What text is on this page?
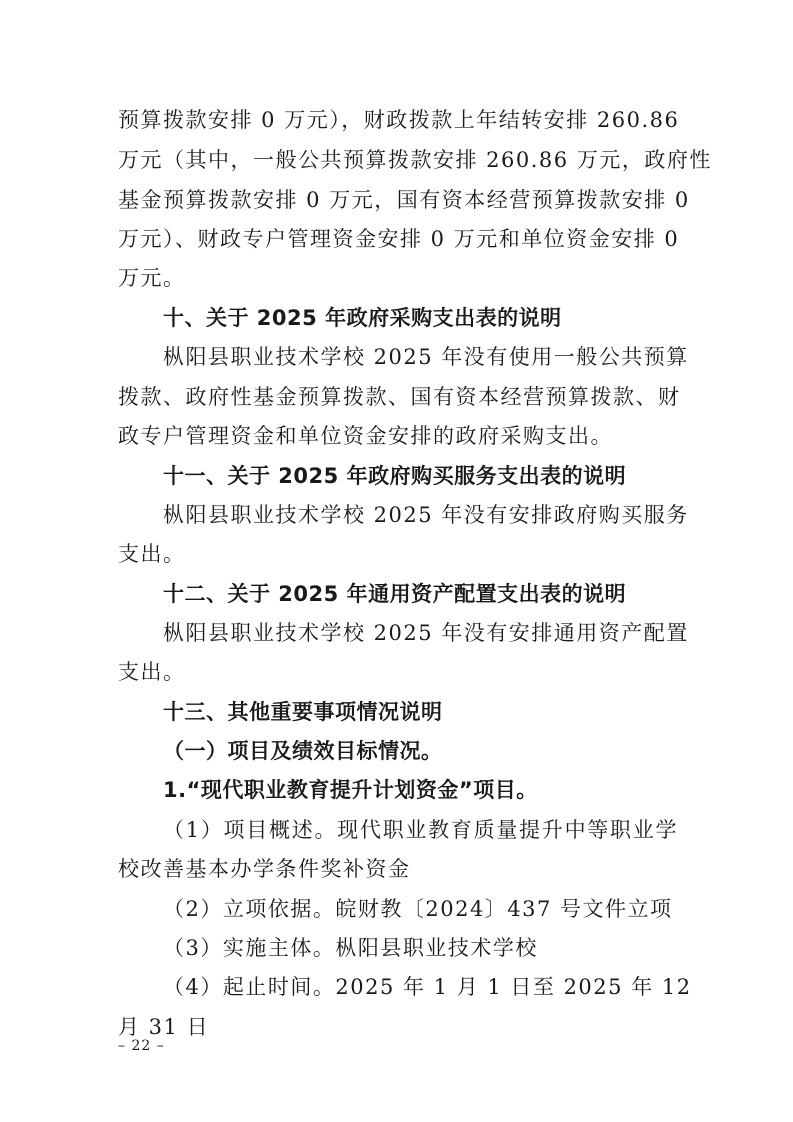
预算拨款安排 0 万元），财政拨款上年结转安排 260.86
万元（其中，一般公共预算拨款安排 260.86 万元，政府性
基金预算拨款安排 0 万元，国有资本经营预算拨款安排 0
万元）、财政专户管理资金安排 0 万元和单位资金安排 0
万元。
十、关于 2025 年政府采购支出表的说明
枞阳县职业技术学校 2025 年没有使用一般公共预算
拨款、政府性基金预算拨款、国有资本经营预算拨款、财
政专户管理资金和单位资金安排的政府采购支出。
十一、关于 2025 年政府购买服务支出表的说明
枞阳县职业技术学校 2025 年没有安排政府购买服务
支出。
十二、关于 2025 年通用资产配置支出表的说明
枞阳县职业技术学校 2025 年没有安排通用资产配置
支出。
十三、其他重要事项情况说明
（一）项目及绩效目标情况。
1.“现代职业教育提升计划资金”项目。
（1）项目概述。现代职业教育质量提升中等职业学
校改善基本办学条件奖补资金
（2）立项依据。皖财教〔2024〕437 号文件立项
（3）实施主体。枞阳县职业技术学校
（4）起止时间。2025 年 1 月 1 日至 2025 年 12
月 31 日
– 22 –
